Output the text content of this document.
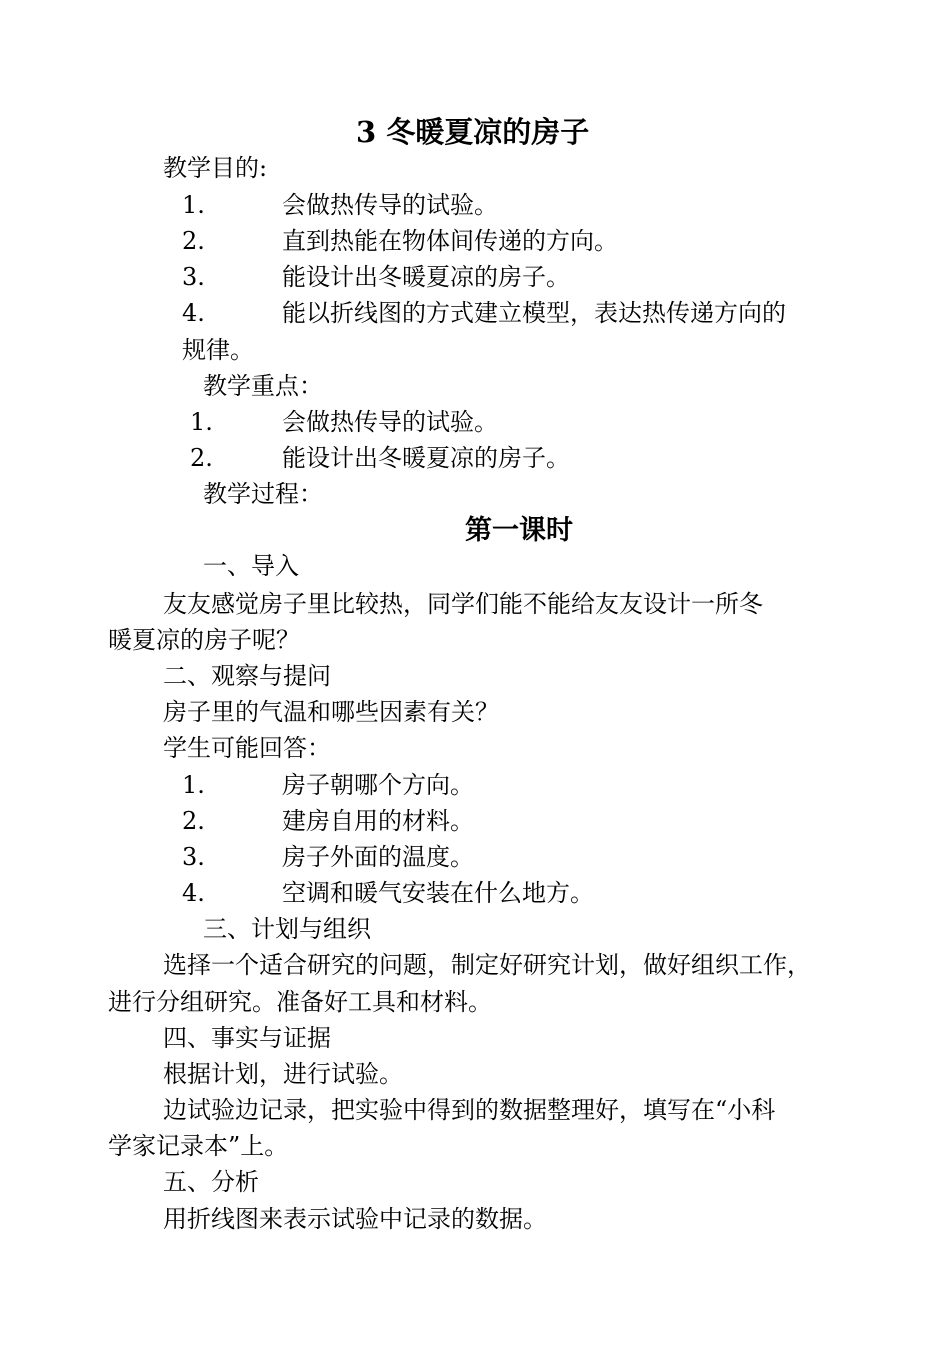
3 冬暖夏凉的房子
教学目的:
1.	会做热传导的试验。
2.	直到热能在物体间传递的方向。
3.	能设计出冬暖夏凉的房子。
4.	能以折线图的方式建立模型，表达热传递方向的
规律。
教学重点：
1.	会做热传导的试验。
2.	能设计出冬暖夏凉的房子。
教学过程：
第一课时
一、导入
友友感觉房子里比较热，同学们能不能给友友设计一所冬
暖夏凉的房子呢？
二、观察与提问
房子里的气温和哪些因素有关？
学生可能回答：
1.	房子朝哪个方向。
2.	建房自用的材料。
3.	房子外面的温度。
4.	空调和暖气安装在什么地方。
三、计划与组织
选择一个适合研究的问题，制定好研究计划，做好组织工作，
进行分组研究。准备好工具和材料。
四、事实与证据
根据计划，进行试验。
边试验边记录，把实验中得到的数据整理好，填写在“小科
学家记录本”上。
五、分析
用折线图来表示试验中记录的数据。
